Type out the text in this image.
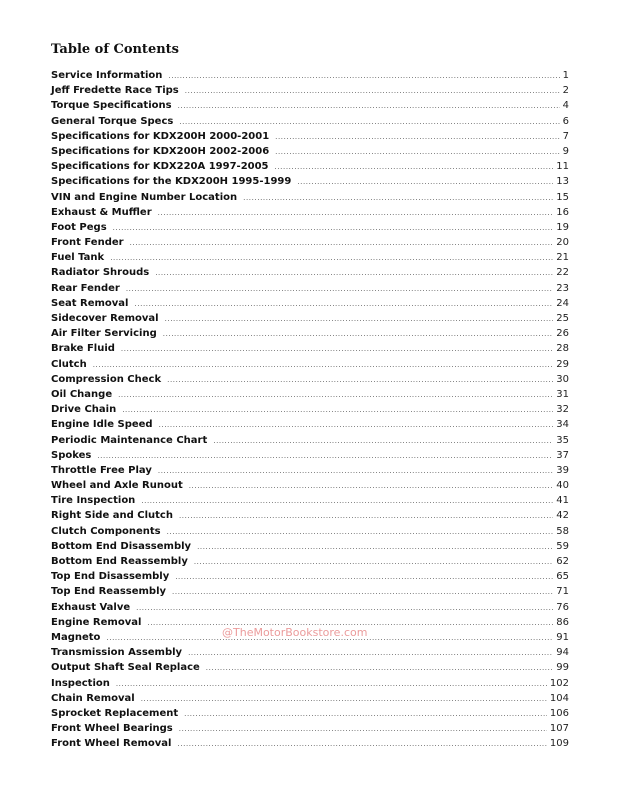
Table of Contents
Service Information .....	1
Jeff Fredette Race Tips .....	2
Torque Specifications .....	4
General Torque Specs .....	6
Specifications for KDX200H 2000-2001 .....	7
Specifications for KDX200H 2002-2006 .....	9
Specifications for KDX220A 1997-2005 .....	11
Specifications for the KDX200H 1995-1999 .....	13
VIN and Engine Number Location .....	15
Exhaust & Muffler .....	16
Foot Pegs .....	19
Front Fender .....	20
Fuel Tank .....	21
Radiator Shrouds .....	22
Rear Fender .....	23
Seat Removal .....	24
Sidecover Removal .....	25
Air Filter Servicing .....	26
Brake Fluid .....	28
Clutch .....	29
Compression Check .....	30
Oil Change .....	31
Drive Chain .....	32
Engine Idle Speed .....	34
Periodic Maintenance Chart .....	35
Spokes .....	37
Throttle Free Play .....	39
Wheel and Axle Runout .....	40
Tire Inspection .....	41
Right Side and Clutch .....	42
Clutch Components .....	58
Bottom End Disassembly .....	59
Bottom End Reassembly .....	62
Top End Disassembly .....	65
Top End Reassembly .....	71
Exhaust Valve .....	76
Engine Removal .....	86
Magneto .....	91
Transmission Assembly .....	94
Output Shaft Seal Replace .....	99
Inspection .....	102
Chain Removal .....	104
Sprocket Replacement .....	106
Front Wheel Bearings .....	107
Front Wheel Removal .....	109
@TheMotorBookstore.com
